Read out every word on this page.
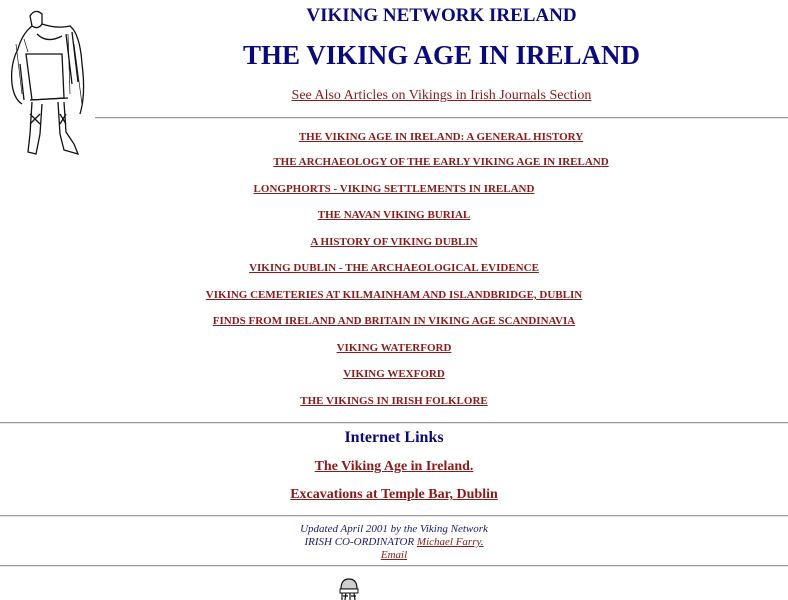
VIKING NETWORK IRELAND
THE VIKING AGE IN IRELAND
See Also Articles on Vikings in Irish Journals Section
THE VIKING AGE IN IRELAND: A GENERAL HISTORY
THE ARCHAEOLOGY OF THE EARLY VIKING AGE IN IRELAND
LONGPHORTS - VIKING SETTLEMENTS IN IRELAND
THE NAVAN VIKING BURIAL
A HISTORY OF VIKING DUBLIN
VIKING DUBLIN - THE ARCHAEOLOGICAL EVIDENCE
VIKING CEMETERIES AT KILMAINHAM AND ISLANDBRIDGE, DUBLIN
FINDS FROM IRELAND AND BRITAIN IN VIKING AGE SCANDINAVIA
VIKING WATERFORD
VIKING WEXFORD
THE VIKINGS IN IRISH FOLKLORE
Internet Links
The Viking Age in Ireland.
Excavations at Temple Bar, Dublin
Updated April 2001 by the Viking Network
IRISH CO-ORDINATOR Michael Farry.
Email
